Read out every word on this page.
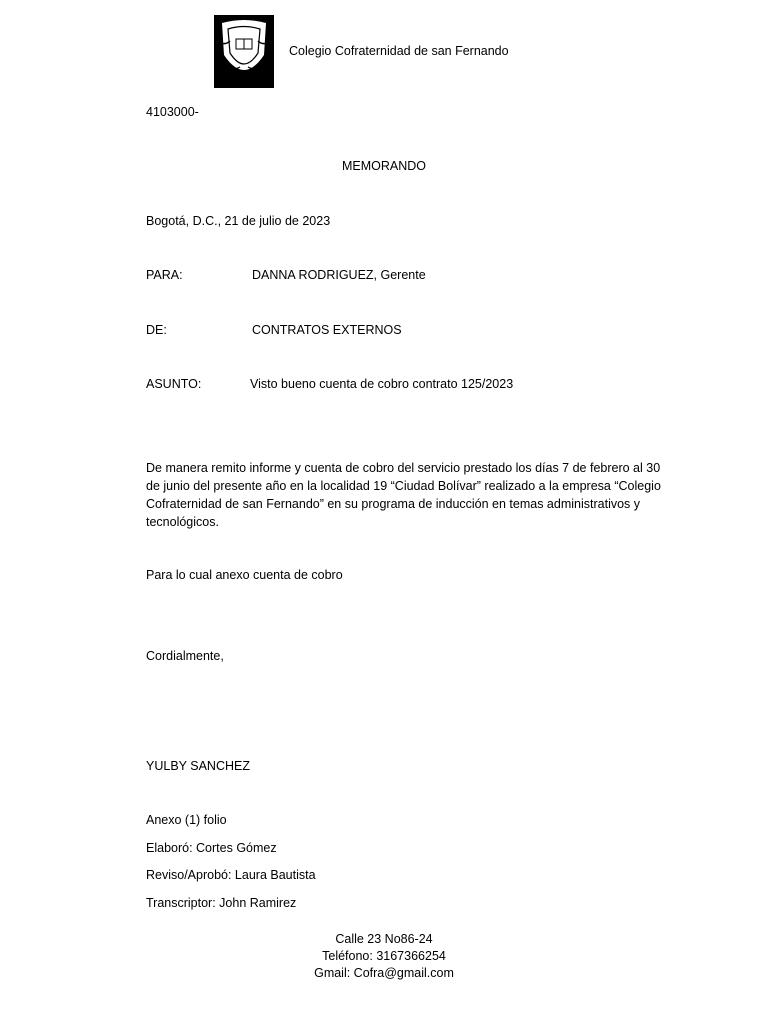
Colegio Cofraternidad de san Fernando
4103000-
MEMORANDO
Bogotá, D.C., 21 de julio de 2023
PARA:	DANNA RODRIGUEZ, Gerente
DE:	CONTRATOS EXTERNOS
ASUNTO:	Visto bueno cuenta de cobro contrato 125/2023
De manera remito informe y cuenta de cobro del servicio prestado los días 7 de febrero al 30 de junio del presente año en la localidad 19 “Ciudad Bolívar” realizado a la empresa “Colegio Cofraternidad de san Fernando” en su programa de inducción en temas administrativos y tecnológicos.
Para lo cual anexo cuenta de cobro
Cordialmente,
YULBY SANCHEZ
Anexo (1) folio
Elaboró: Cortes Gómez
Reviso/Aprobó: Laura Bautista
Transcriptor: John Ramirez
Calle 23 No86-24
Teléfono: 3167366254
Gmail: Cofra@gmail.com
